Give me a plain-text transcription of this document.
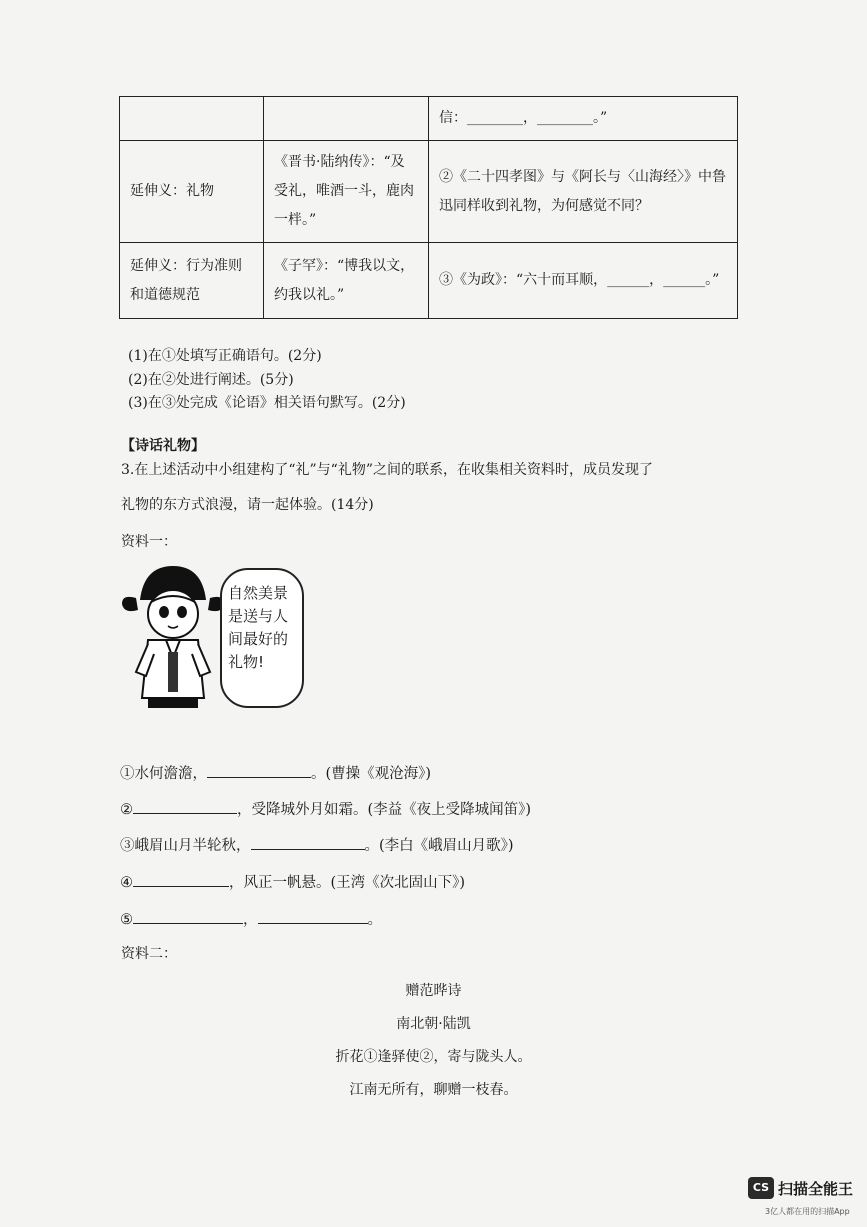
		信：________，________。”
延伸义：礼物	《晋书·陆纳传》：“及受礼，唯酒一斗，鹿肉一柈。”	②《二十四孝图》与《阿长与〈山海经〉》中鲁迅同样收到礼物，为何感觉不同？
延伸义：行为准则和道德规范	《子罕》：“博我以文，约我以礼。”	③《为政》：“六十而耳顺，______，______。”
(1)在①处填写正确语句。(2分)
(2)在②处进行阐述。(5分)
(3)在③处完成《论语》相关语句默写。(2分)
【诗话礼物】
3.在上述活动中小组建构了“礼”与“礼物”之间的联系，在收集相关资料时，成员发现了
礼物的东方式浪漫，请一起体验。(14分)
资料一：
自然美景是送与人间最好的礼物!
①水何澹澹，	。(曹操《观沧海》)
②	，受降城外月如霜。(李益《夜上受降城闻笛》)
③峨眉山月半轮秋，	。(李白《峨眉山月歌》)
④	，风正一帆悬。(王湾《次北固山下》)
⑤	，	。
资料二：
赠范晔诗
南北朝·陆凯
折花①逢驿使②，寄与陇头人。
江南无所有，聊赠一枝春。
CS 扫描全能王
3亿人都在用的扫描App
